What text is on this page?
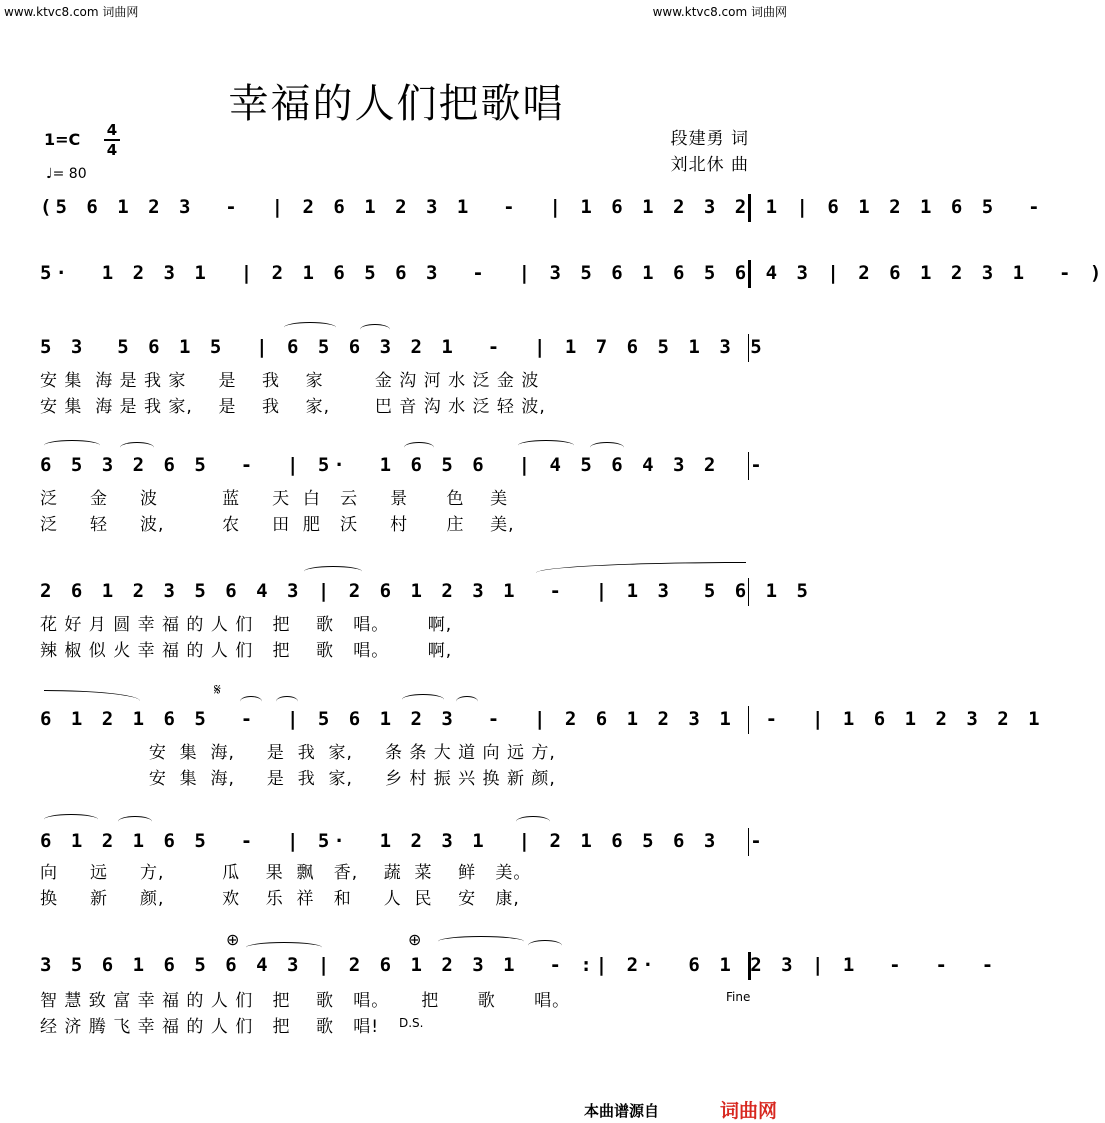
www.ktvc8.com 词曲网	www.ktvc8.com 词曲网
幸福的人们把歌唱
1=C 4
4
♩= 80
段建勇 词
刘北休 曲
(5 6 1 2 3  -  | 2 6 1 2 3 1  -  | 1 6 1 2 3 2 1 | 6 1 2 1 6 5  -
5·  1 2 3 1  | 2 1 6 5 6 3  -  | 3 5 6 1 6 5 6 4 3 | 2 6 1 2 3 1  - )
5 3  5 6 1 5  | 6 5 6 3 2 1  -  | 1 7 6 5 1 3 5
安 集  海 是 我 家     是    我    家        金 沟 河 水 泛 金 波
安 集  海 是 我 家,    是    我    家,       巴 音 沟 水 泛 轻 波,
6 5 3 2 6 5  -  | 5·  1 6 5 6  | 4 5 6 4 3 2  -
泛     金     波          蓝     天  白   云     景      色    美
泛     轻     波,         农     田  肥   沃     村      庄    美,
2 6 1 2 3 5 6 4 3 | 2 6 1 2 3 1  -  | 1 3  5 6 1 5
花 好 月 圆 幸 福 的 人 们   把    歌   唱。      啊,
辣 椒 似 火 幸 福 的 人 们   把    歌   唱。      啊,
𝄋
6 1 2 1 6 5  -  | 5 6 1 2 3  -  | 2 6 1 2 3 1  -  | 1 6 1 2 3 2 1
安  集  海,     是  我  家,     条 条 大 道 向 远 方,
安  集  海,     是  我  家,     乡 村 振 兴 换 新 颜,
6 1 2 1 6 5  -  | 5·  1 2 3 1  | 2 1 6 5 6 3  -
向     远     方,         瓜    果  飘   香,    蔬  菜    鲜   美。
换     新     颜,         欢    乐  祥   和     人  民    安   康,
⊕	⊕
3 5 6 1 6 5 6 4 3 | 2 6 1 2 3 1  - :| 2·  6 1 2 3 | 1  -  -  -
智 慧 致 富 幸 福 的 人 们   把    歌   唱。     把      歌      唱。
经 济 腾 飞 幸 福 的 人 们   把    歌   唱!
Fine
D.S.
本曲谱源自	词曲网
